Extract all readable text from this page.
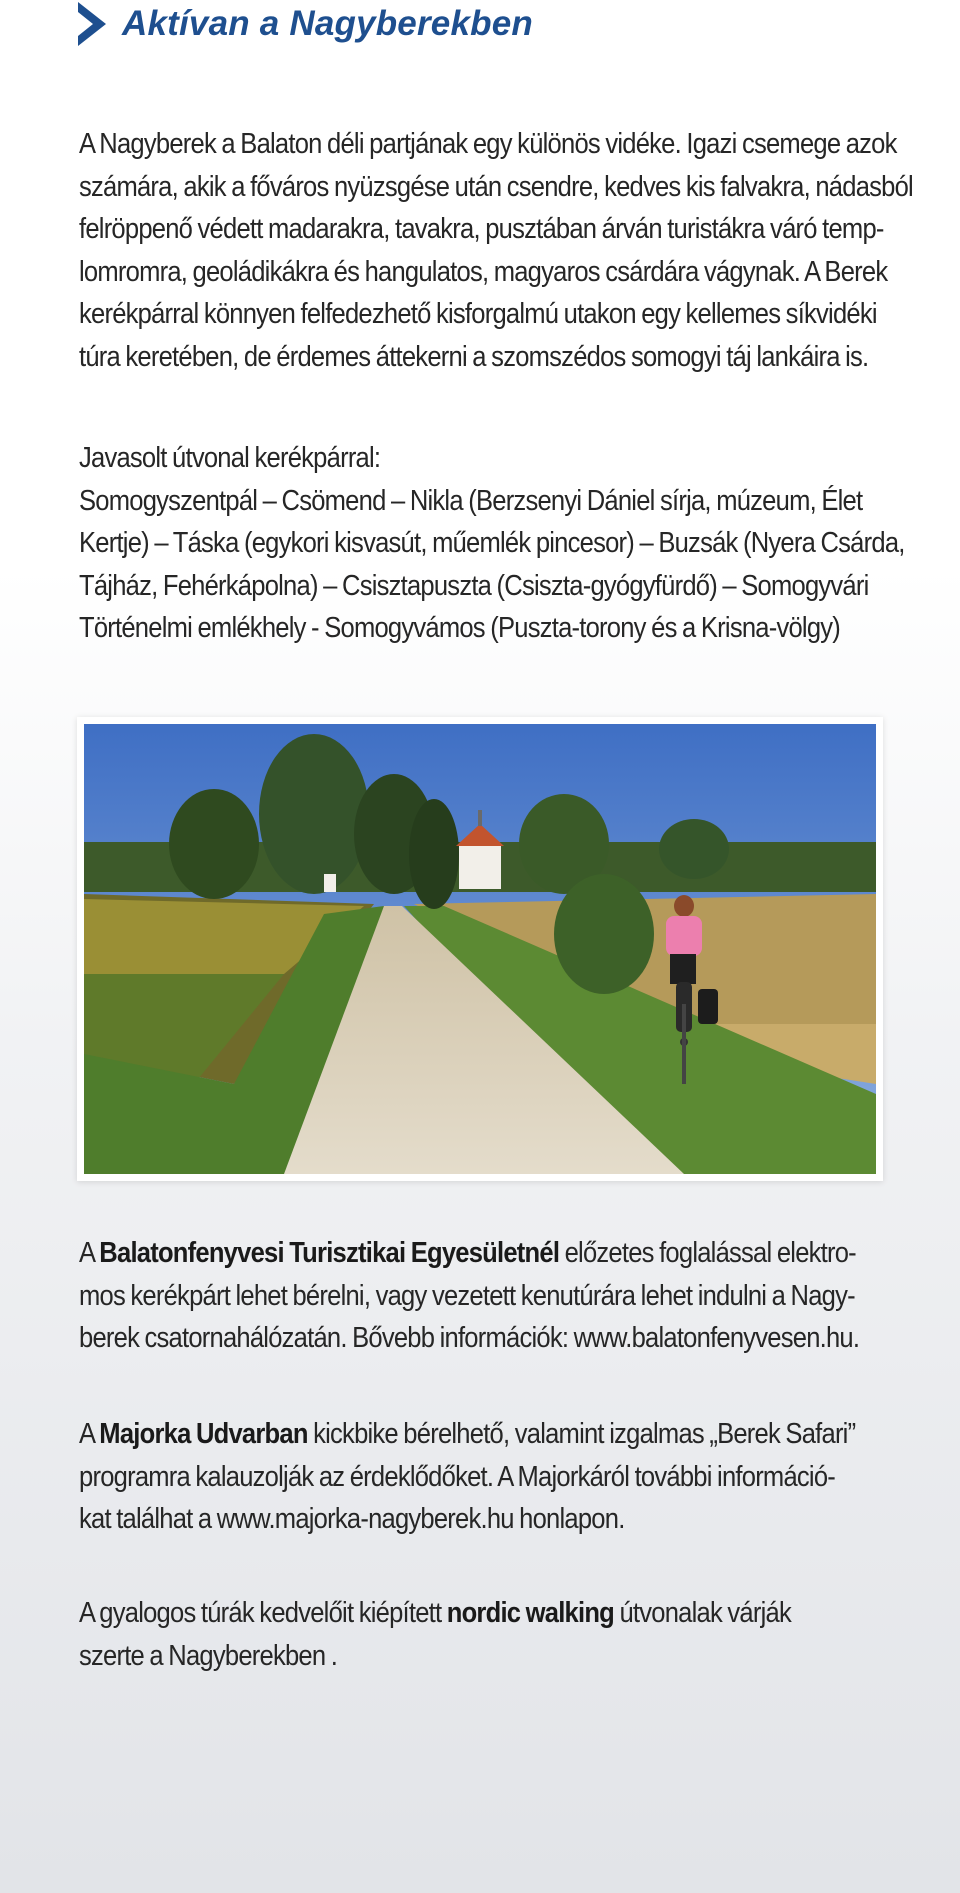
Aktívan a Nagyberekben

A Nagyberek a Balaton déli partjának egy különös vidéke. Igazi csemege azok
számára, akik a főváros nyüzsgése után csendre, kedves kis falvakra, nádasból
felröppenő védett madarakra, tavakra, pusztában árván turistákra váró temp-
lomromra, geoládikákra és hangulatos, magyaros csárdára vágynak. A Berek
kerékpárral könnyen felfedezhető kisforgalmú utakon egy kellemes síkvidéki
túra keretében, de érdemes áttekerni a szomszédos somogyi táj lankáira is.

Javasolt útvonal kerékpárral:
Somogyszentpál – Csömend – Nikla (Berzsenyi Dániel sírja, múzeum, Élet
Kertje) – Táska (egykori kisvasút, műemlék pincesor) – Buzsák (Nyera Csárda,
Tájház, Fehérkápolna) – Csisztapuszta (Csiszta-gyógyfürdő) – Somogyvári
Történelmi emlékhely - Somogyvámos (Puszta-torony és a Krisna-völgy)

A Balatonfenyvesi Turisztikai Egyesületnél előzetes foglalással elektro-
mos kerékpárt lehet bérelni, vagy vezetett kenutúrára lehet indulni a Nagy-
berek csatornahálózatán. Bővebb információk: www.balatonfenyvesen.hu.

A Majorka Udvarban kickbike bérelhető, valamint izgalmas „Berek Safari”
programra kalauzolják az érdeklődőket. A Majorkáról további információ-
kat találhat a www.majorka-nagyberek.hu honlapon.

A gyalogos túrák kedvelőit kiépített nordic walking útvonalak várják
szerte a Nagyberekben .
